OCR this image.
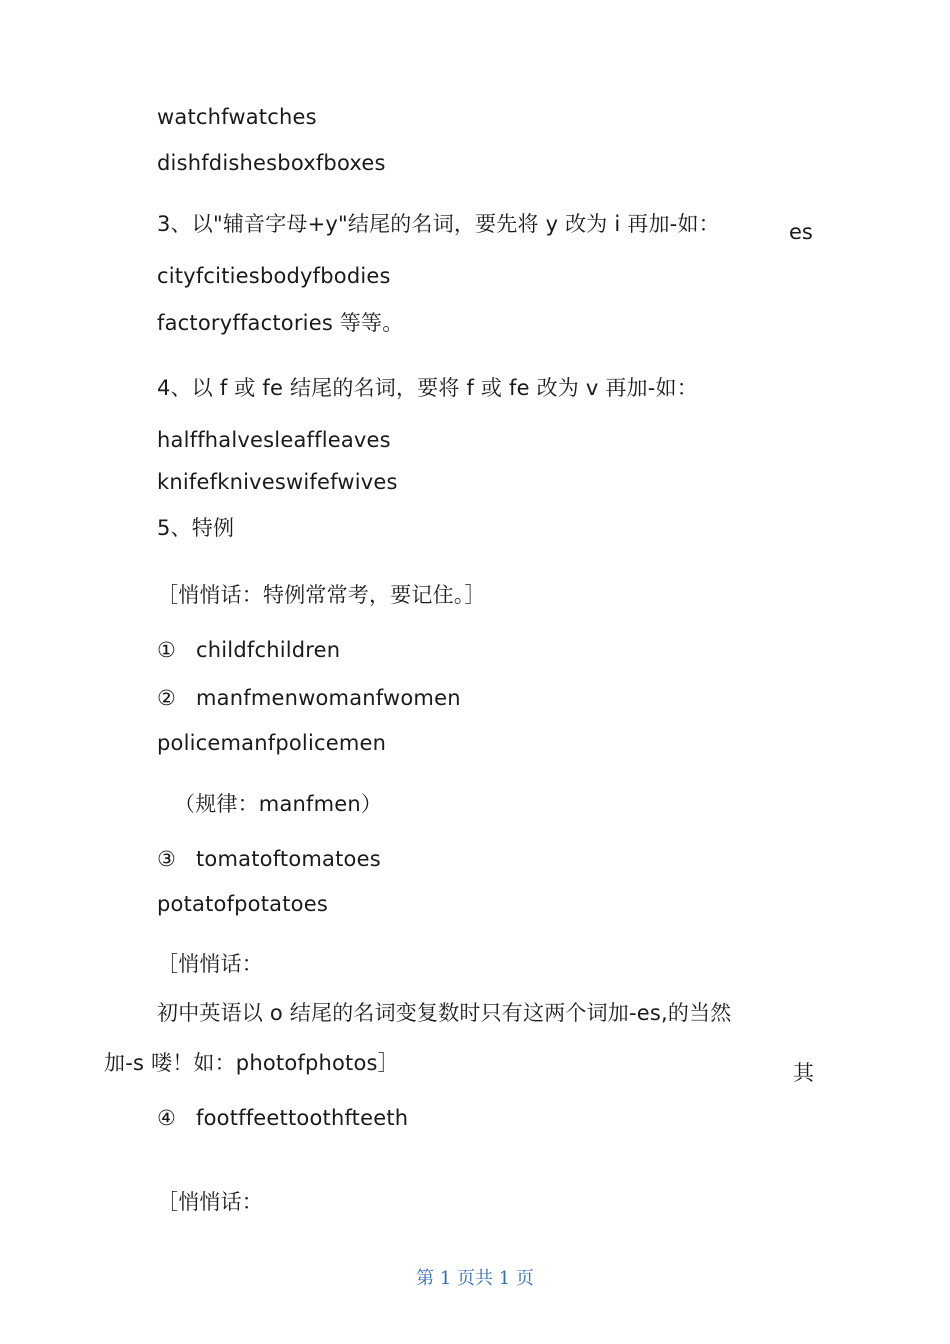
watchfwatches
dishfdishesboxfboxes
3、以"辅音字母+y"结尾的名词，要先将 y 改为 i 再加-如：	es
cityfcitiesbodyfbodies
factoryffactories 等等。
4、以 f 或 fe 结尾的名词，要将 f 或 fe 改为 v 再加-如：
halffhalvesleaffleaves
knifefkniveswifefwives
5、特例
［悄悄话：特例常常考，要记住。］
① childfchildren
② manfmenwomanfwomen
policemanfpolicemen
（规律：manfmen）
③ tomatoftomatoes
potatofpotatoes
［悄悄话：
初中英语以 o 结尾的名词变复数时只有这两个词加-es,的当然
加-s 喽！如：photofphotos］	其
④ footffeettoothfteeth
［悄悄话：
第 1 页共 1 页
